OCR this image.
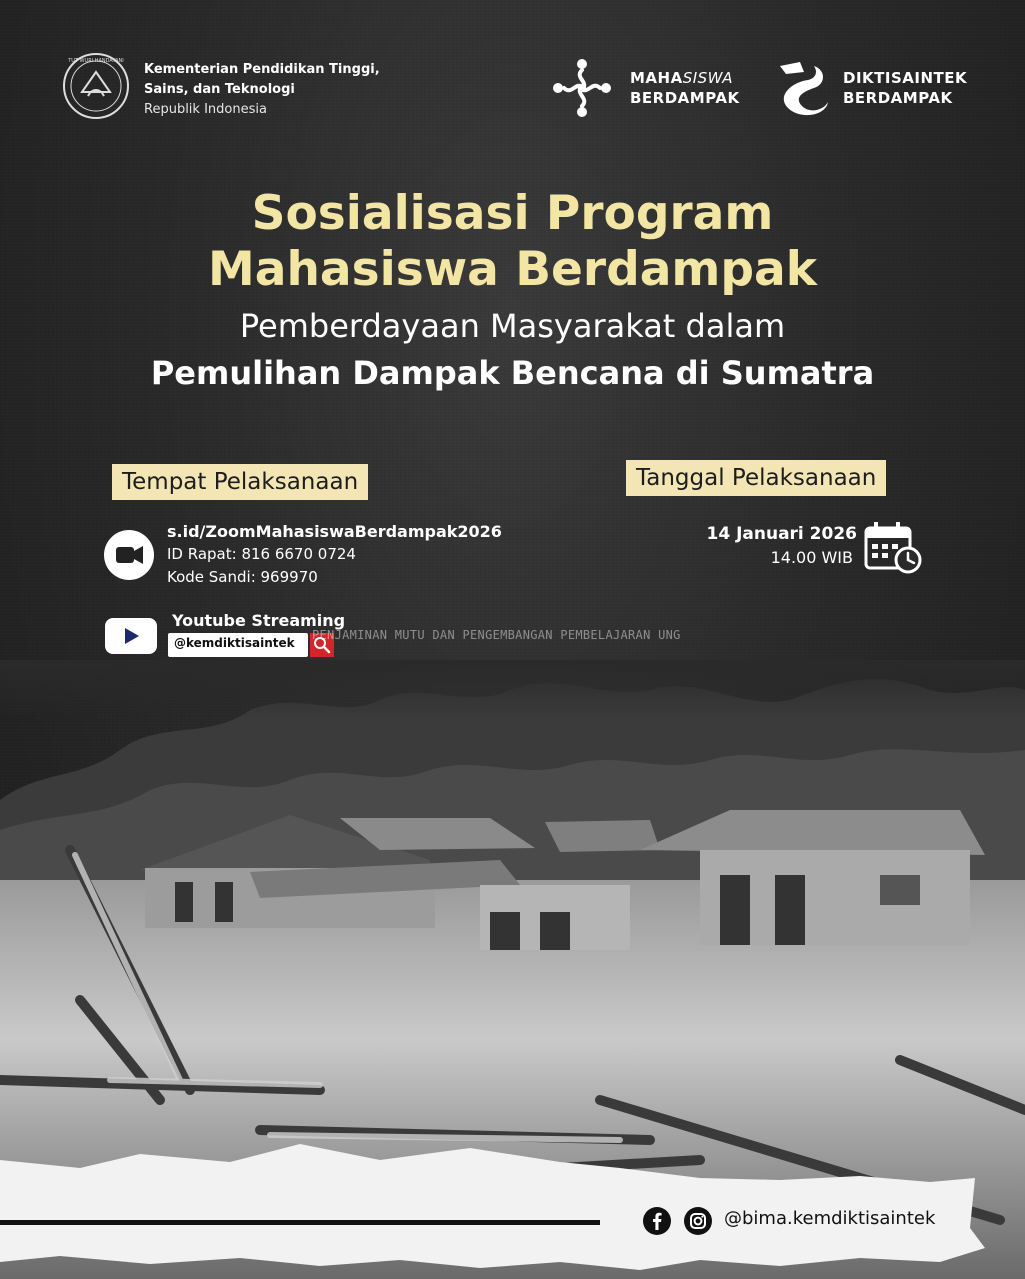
TUT WURI HANDAYANI
Kementerian Pendidikan Tinggi,
Sains, dan Teknologi
Republik Indonesia
MAHASISWA
BERDAMPAK
DIKTISAINTEK
BERDAMPAK
Sosialisasi Program
Mahasiswa Berdampak
Pemberdayaan Masyarakat dalam
Pemulihan Dampak Bencana di Sumatra
Tempat Pelaksanaan
s.id/ZoomMahasiswaBerdampak2026
ID Rapat: 816 6670 0724
Kode Sandi: 969970
Youtube Streaming
@kemdiktisaintek
PENJAMINAN MUTU DAN PENGEMBANGAN PEMBELAJARAN UNG
Tanggal Pelaksanaan
14 Januari 2026
14.00 WIB
@bima.kemdiktisaintek
